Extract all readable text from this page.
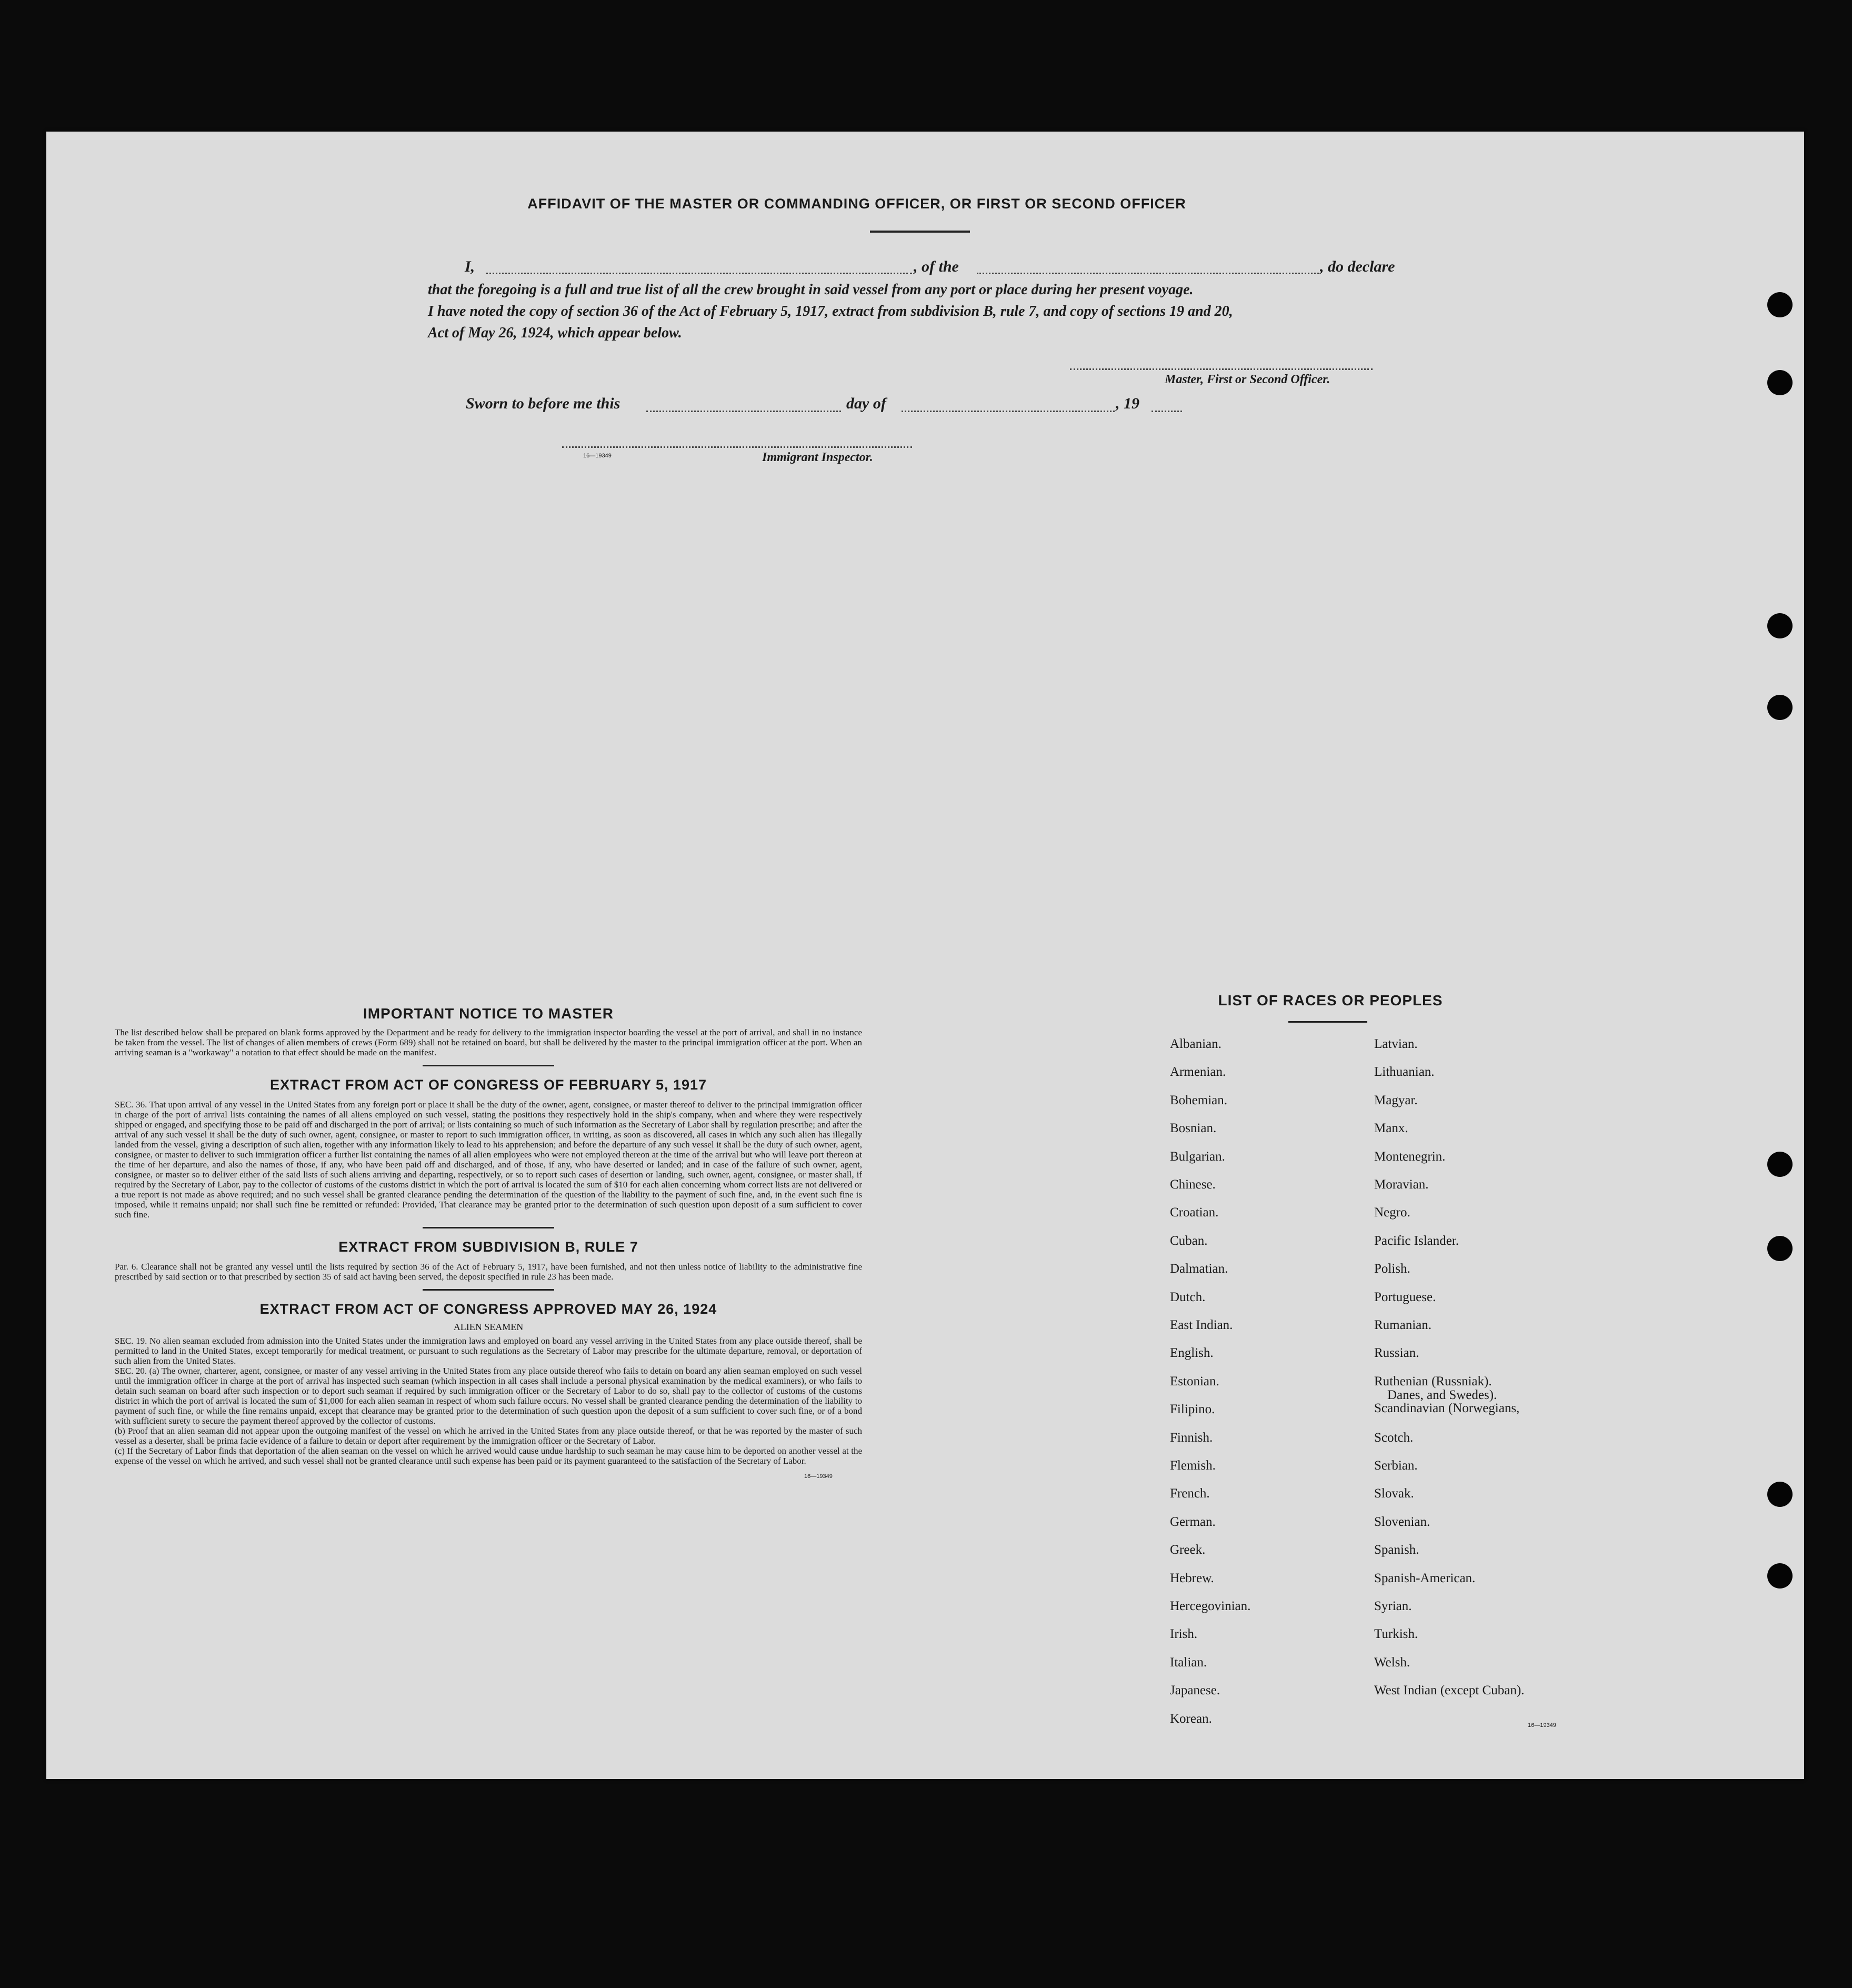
AFFIDAVIT OF THE MASTER OR COMMANDING OFFICER, OR FIRST OR SECOND OFFICER
I,	, of the	, do declare
that the foregoing is a full and true list of all the crew brought in said vessel from any port or place during her present voyage.
I have noted the copy of section 36 of the Act of February 5, 1917, extract from subdivision B, rule 7, and copy of sections 19 and 20,
Act of May 26, 1924, which appear below.
Master, First or Second Officer.
Sworn to before me this	day of	, 19
16—19349	Immigrant Inspector.
IMPORTANT NOTICE TO MASTER
The list described below shall be prepared on blank forms approved by the Department and be ready for delivery to the immigration inspector boarding the vessel at the port of arrival, and shall in no instance be taken from the vessel. The list of changes of alien members of crews (Form 689) shall not be retained on board, but shall be delivered by the master to the principal immigration officer at the port. When an arriving seaman is a "workaway" a notation to that effect should be made on the manifest.
EXTRACT FROM ACT OF CONGRESS OF FEBRUARY 5, 1917
SEC. 36. That upon arrival of any vessel in the United States from any foreign port or place it shall be the duty of the owner, agent, consignee, or master thereof to deliver to the principal immigration officer in charge of the port of arrival lists containing the names of all aliens employed on such vessel, stating the positions they respectively hold in the ship's company, when and where they were respectively shipped or engaged, and specifying those to be paid off and discharged in the port of arrival; or lists containing so much of such information as the Secretary of Labor shall by regulation prescribe; and after the arrival of any such vessel it shall be the duty of such owner, agent, consignee, or master to report to such immigration officer, in writing, as soon as discovered, all cases in which any such alien has illegally landed from the vessel, giving a description of such alien, together with any information likely to lead to his apprehension; and before the departure of any such vessel it shall be the duty of such owner, agent, consignee, or master to deliver to such immigration officer a further list containing the names of all alien employees who were not employed thereon at the time of the arrival but who will leave port thereon at the time of her departure, and also the names of those, if any, who have been paid off and discharged, and of those, if any, who have deserted or landed; and in case of the failure of such owner, agent, consignee, or master so to deliver either of the said lists of such aliens arriving and departing, respectively, or so to report such cases of desertion or landing, such owner, agent, consignee, or master shall, if required by the Secretary of Labor, pay to the collector of customs of the customs district in which the port of arrival is located the sum of $10 for each alien concerning whom correct lists are not delivered or a true report is not made as above required; and no such vessel shall be granted clearance pending the determination of the question of the liability to the payment of such fine, and, in the event such fine is imposed, while it remains unpaid; nor shall such fine be remitted or refunded: Provided, That clearance may be granted prior to the determination of such question upon deposit of a sum sufficient to cover such fine.
EXTRACT FROM SUBDIVISION B, RULE 7
Par. 6. Clearance shall not be granted any vessel until the lists required by section 36 of the Act of February 5, 1917, have been furnished, and not then unless notice of liability to the administrative fine prescribed by said section or to that prescribed by section 35 of said act having been served, the deposit specified in rule 23 has been made.
EXTRACT FROM ACT OF CONGRESS APPROVED MAY 26, 1924
ALIEN SEAMEN
SEC. 19. No alien seaman excluded from admission into the United States under the immigration laws and employed on board any vessel arriving in the United States from any place outside thereof, shall be permitted to land in the United States, except temporarily for medical treatment, or pursuant to such regulations as the Secretary of Labor may prescribe for the ultimate departure, removal, or deportation of such alien from the United States.
SEC. 20. (a) The owner, charterer, agent, consignee, or master of any vessel arriving in the United States from any place outside thereof who fails to detain on board any alien seaman employed on such vessel until the immigration officer in charge at the port of arrival has inspected such seaman (which inspection in all cases shall include a personal physical examination by the medical examiners), or who fails to detain such seaman on board after such inspection or to deport such seaman if required by such immigration officer or the Secretary of Labor to do so, shall pay to the collector of customs of the customs district in which the port of arrival is located the sum of $1,000 for each alien seaman in respect of whom such failure occurs. No vessel shall be granted clearance pending the determination of the liability to payment of such fine, or while the fine remains unpaid, except that clearance may be granted prior to the determination of such question upon the deposit of a sum sufficient to cover such fine, or of a bond with sufficient surety to secure the payment thereof approved by the collector of customs.
(b) Proof that an alien seaman did not appear upon the outgoing manifest of the vessel on which he arrived in the United States from any place outside thereof, or that he was reported by the master of such vessel as a deserter, shall be prima facie evidence of a failure to detain or deport after requirement by the immigration officer or the Secretary of Labor.
(c) If the Secretary of Labor finds that deportation of the alien seaman on the vessel on which he arrived would cause undue hardship to such seaman he may cause him to be deported on another vessel at the expense of the vessel on which he arrived, and such vessel shall not be granted clearance until such expense has been paid or its payment guaranteed to the satisfaction of the Secretary of Labor.
16—19349
LIST OF RACES OR PEOPLES
16—19349
Albanian.
Armenian.
Bohemian.
Bosnian.
Bulgarian.
Chinese.
Croatian.
Cuban.
Dalmatian.
Dutch.
East Indian.
English.
Estonian.
Filipino.
Finnish.
Flemish.
French.
German.
Greek.
Hebrew.
Hercegovinian.
Irish.
Italian.
Japanese.
Korean.
Latvian.
Lithuanian.
Magyar.
Manx.
Montenegrin.
Moravian.
Negro.
Pacific Islander.
Polish.
Portuguese.
Rumanian.
Russian.
Ruthenian (Russniak).
Scandinavian (Norwegians,
Danes, and Swedes).
Scotch.
Serbian.
Slovak.
Slovenian.
Spanish.
Spanish-American.
Syrian.
Turkish.
Welsh.
West Indian (except Cuban).
